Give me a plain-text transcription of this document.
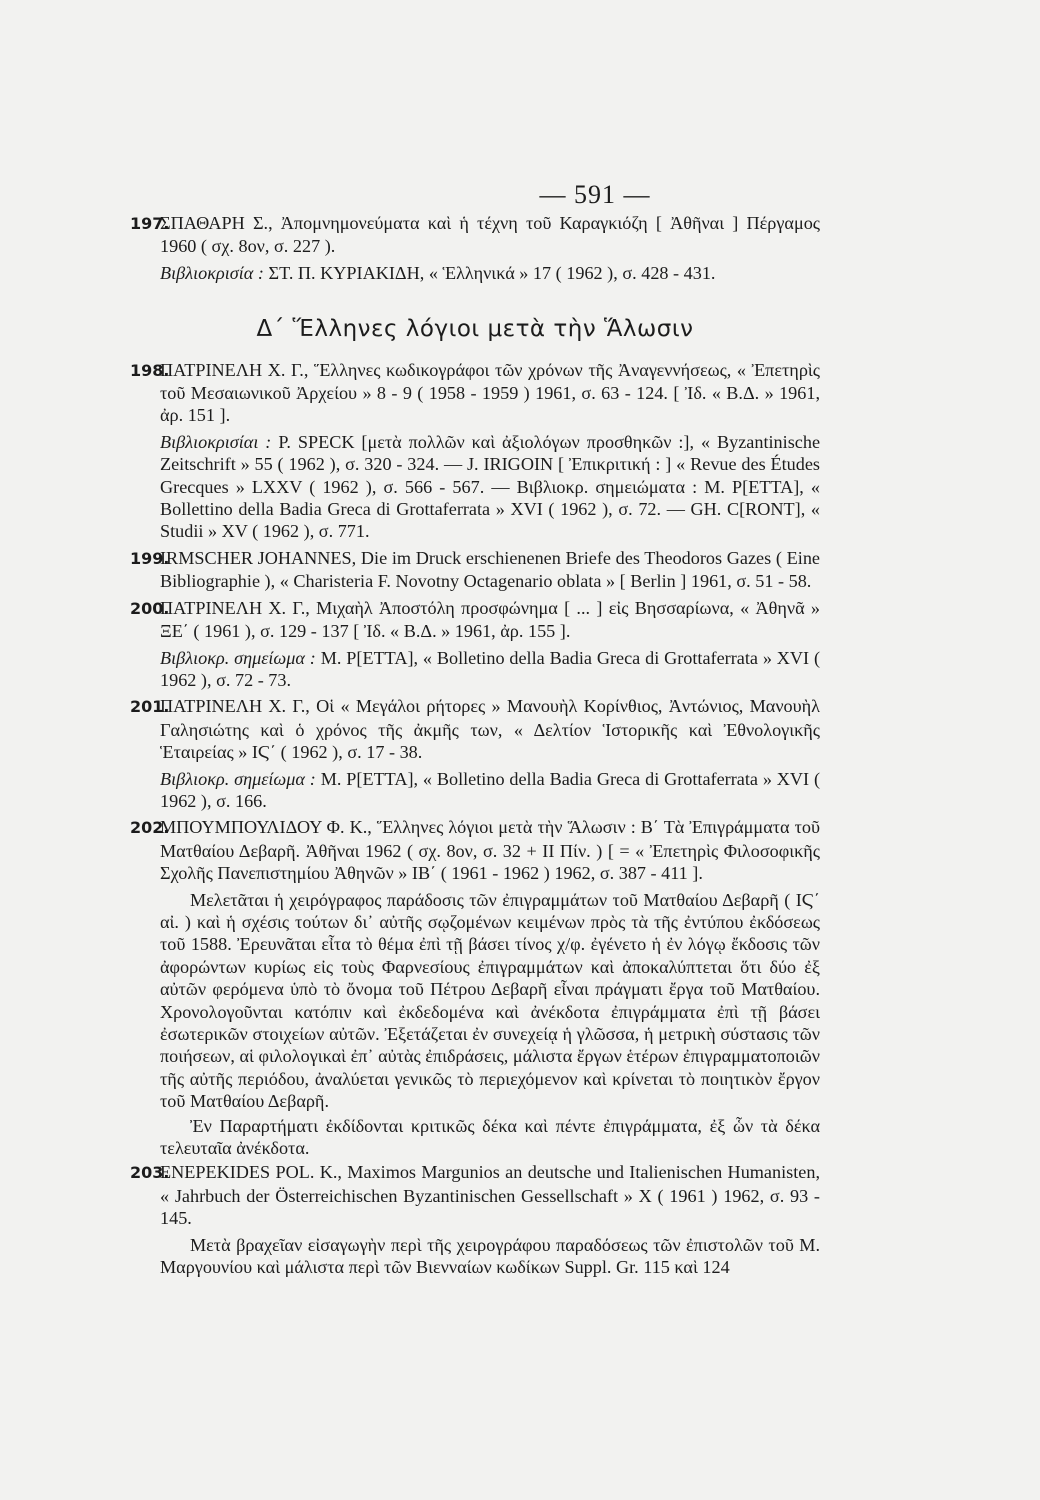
— 591 —
197.ΣΠΑΘΑΡΗ Σ., Ἀπομνημονεύματα καὶ ἡ τέχνη τοῦ Καραγκιόζη [ Ἀθῆναι ] Πέργαμος 1960 ( σχ. 8ον, σ. 227 ).
Βιβλιοκρισία : ΣΤ. Π. ΚΥΡΙΑΚΙΔΗ, « Ἑλληνικά » 17 ( 1962 ), σ. 428 - 431.
Δ΄ Ἕλληνες λόγιοι μετὰ τὴν Ἅλωσιν
198.ΠΑΤΡΙΝΕΛΗ Χ. Γ., Ἕλληνες κωδικογράφοι τῶν χρόνων τῆς Ἀναγεννήσεως, « Ἐπετηρὶς τοῦ Μεσαιωνικοῦ Ἀρχείου » 8 - 9 ( 1958 - 1959 ) 1961, σ. 63 - 124. [ Ἰδ. « Β.Δ. » 1961, ἀρ. 151 ].
Βιβλιοκρισίαι : P. SPECK [μετὰ πολλῶν καὶ ἀξιολόγων προσθηκῶν :], « Byzantinische Zeitschrift » 55 ( 1962 ), σ. 320 - 324. — J. IRIGOIN [ Ἐπικριτική : ] « Revue des Études Grecques » LXXV ( 1962 ), σ. 566 - 567. — Βιβλιοκρ. σημειώματα : M. P[ETTA], « Bollettino della Badia Greca di Grottaferrata » XVI ( 1962 ), σ. 72. — GH. C[RONT], « Studii » XV ( 1962 ), σ. 771.
199.IRMSCHER JOHANNES, Die im Druck erschienenen Briefe des Theodoros Gazes ( Eine Bibliographie ), « Charisteria F. Novotny Octagenario oblata » [ Berlin ] 1961, σ. 51 - 58.
200.ΠΑΤΡΙΝΕΛΗ Χ. Γ., Μιχαὴλ Ἀποστόλη προσφώνημα [ ... ] εἰς Βησσαρίωνα, « Ἀθηνᾶ » ΞΕ΄ ( 1961 ), σ. 129 - 137 [ Ἰδ. « Β.Δ. » 1961, ἀρ. 155 ].
Βιβλιοκρ. σημείωμα : M. P[ETTA], « Bolletino della Badia Greca di Grottaferrata » XVI ( 1962 ), σ. 72 - 73.
201.ΠΑΤΡΙΝΕΛΗ Χ. Γ., Οἱ « Μεγάλοι ρήτορες » Μανουὴλ Κορίνθιος, Ἀντώνιος, Μανουὴλ Γαλησιώτης καὶ ὁ χρόνος τῆς ἀκμῆς των, « Δελτίον Ἱστορικῆς καὶ Ἐθνολογικῆς Ἑταιρείας » ΙϚ΄ ( 1962 ), σ. 17 - 38.
Βιβλιοκρ. σημείωμα : M. P[ETTA], « Bolletino della Badia Greca di Grottaferrata » XVI ( 1962 ), σ. 166.
202.ΜΠΟΥΜΠΟΥΛΙΔΟΥ Φ. Κ., Ἕλληνες λόγιοι μετὰ τὴν Ἅλωσιν : Β΄ Τὰ Ἐπιγράμματα τοῦ Ματθαίου Δεβαρῆ. Ἀθῆναι 1962 ( σχ. 8ον, σ. 32 + ΙΙ Πίν. ) [ = « Ἐπετηρὶς Φιλοσοφικῆς Σχολῆς Πανεπιστημίου Ἀθηνῶν » ΙΒ΄ ( 1961 - 1962 ) 1962, σ. 387 - 411 ].
Μελετᾶται ἡ χειρόγραφος παράδοσις τῶν ἐπιγραμμάτων τοῦ Ματθαίου Δεβαρῆ ( ΙϚ΄ αἰ. ) καὶ ἡ σχέσις τούτων δι᾽ αὐτῆς σῳζομένων κειμένων πρὸς τὰ τῆς ἐντύπου ἐκδόσεως τοῦ 1588. Ἐρευνᾶται εἶτα τὸ θέμα ἐπὶ τῇ βάσει τίνος χ/φ. ἐγένετο ἡ ἐν λόγῳ ἔκδοσις τῶν ἀφορώντων κυρίως εἰς τοὺς Φαρνεσίους ἐπιγραμμάτων καὶ ἀποκαλύπτεται ὅτι δύο ἐξ αὐτῶν φερόμενα ὑπὸ τὸ ὄνομα τοῦ Πέτρου Δεβαρῆ εἶναι πράγματι ἔργα τοῦ Ματθαίου. Χρονολογοῦνται κατόπιν καὶ ἐκδεδομένα καὶ ἀνέκδοτα ἐπιγράμματα ἐπὶ τῇ βάσει ἐσωτερικῶν στοιχείων αὐτῶν. Ἐξετάζεται ἐν συνεχείᾳ ἡ γλῶσσα, ἡ μετρικὴ σύστασις τῶν ποιήσεων, αἱ φιλολογικαὶ ἐπ᾽ αὐτὰς ἐπιδράσεις, μάλιστα ἔργων ἑτέρων ἐπιγραμματοποιῶν τῆς αὐτῆς περιόδου, ἀναλύεται γενικῶς τὸ περιεχόμενον καὶ κρίνεται τὸ ποιητικὸν ἔργον τοῦ Ματθαίου Δεβαρῆ.
Ἐν Παραρτήματι ἐκδίδονται κριτικῶς δέκα καὶ πέντε ἐπιγράμματα, ἐξ ὧν τὰ δέκα τελευταῖα ἀνέκδοτα.
203.ENEPEKIDES POL. K., Maximos Margunios an deutsche und Italienischen Humanisten, « Jahrbuch der Österreichischen Byzantinischen Gessellschaft » X ( 1961 ) 1962, σ. 93 - 145.
Μετὰ βραχεῖαν εἰσαγωγὴν περὶ τῆς χειρογράφου παραδόσεως τῶν ἐπιστολῶν τοῦ Μ. Μαργουνίου καὶ μάλιστα περὶ τῶν Βιενναίων κωδίκων Suppl. Gr. 115 καὶ 124
